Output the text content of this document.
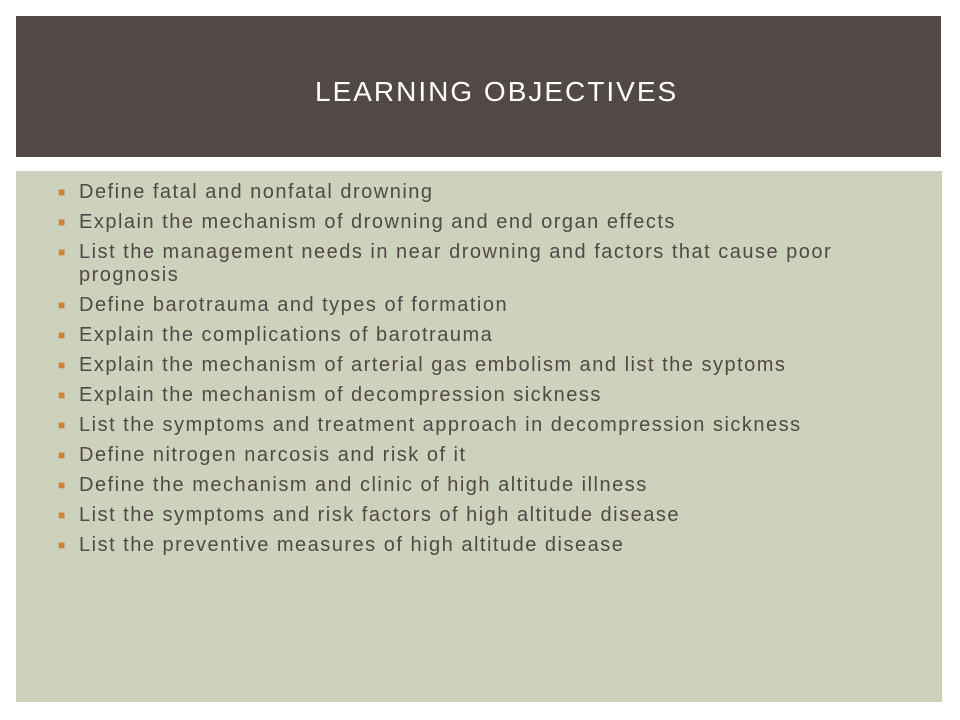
LEARNING OBJECTIVES
■ Define fatal and nonfatal drowning
■ Explain the mechanism of drowning and end organ effects
■ List the management needs in near drowning and factors that cause poor prognosis
■ Define barotrauma and types of formation
■ Explain the complications of barotrauma
■ Explain the mechanism of arterial gas embolism and list the syptoms
■ Explain the mechanism of decompression sickness
■ List the symptoms and treatment approach in decompression sickness
■ Define nitrogen narcosis and risk of it
■ Define the mechanism and clinic of high altitude illness
■ List the symptoms and risk factors of high altitude disease
■ List the preventive measures of high altitude disease
